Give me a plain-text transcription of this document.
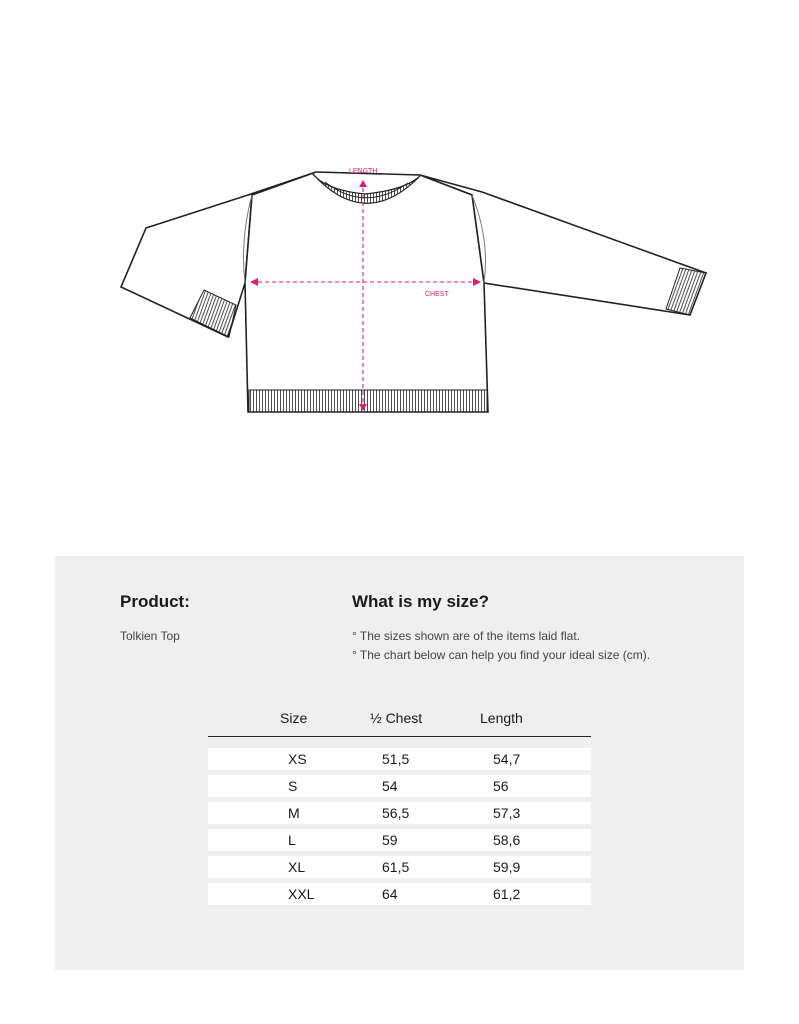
LENGTH
CHEST
Product:
Tolkien Top
What is my size?
° The sizes shown are of the items laid flat.
° The chart below can help you find your ideal size (cm).
Size	½ Chest	Length
XS	51,5	54,7
S	54	56
M	56,5	57,3
L	59	58,6
XL	61,5	59,9
XXL	64	61,2
